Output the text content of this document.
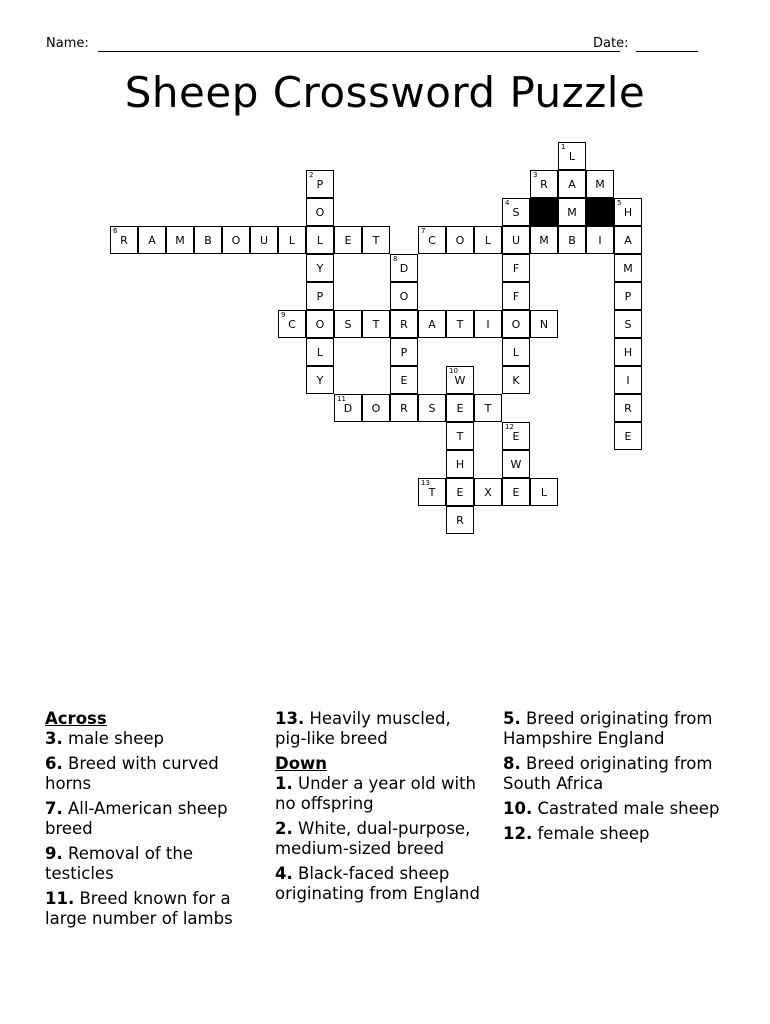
Name:	Date:
Sheep Crossword Puzzle
1
L
A
M
B
2
P
O
L
Y
P
O
L
Y
3
R	M
4
S
U
F
F
O
L
K
5
H
A
M
P
S
H
I
R
E
6
R	A	M	B	O	U	L	E	T
7
C	O	L	M	I
8
D
O
R
P
E
R
9
C	S	T	A	T	I	N
10
W
E
T
H
E
R
11
D	O	S	T
12
E
W
E
13
T	X	L
Across
3. male sheep
6. Breed with curved horns
7. All-American sheep breed
9. Removal of the testicles
11. Breed known for a large number of lambs
13. Heavily muscled, pig-like breed
Down
1. Under a year old with no offspring
2. White, dual-purpose, medium-sized breed
4. Black-faced sheep originating from England
5. Breed originating from Hampshire England
8. Breed originating from South Africa
10. Castrated male sheep
12. female sheep
